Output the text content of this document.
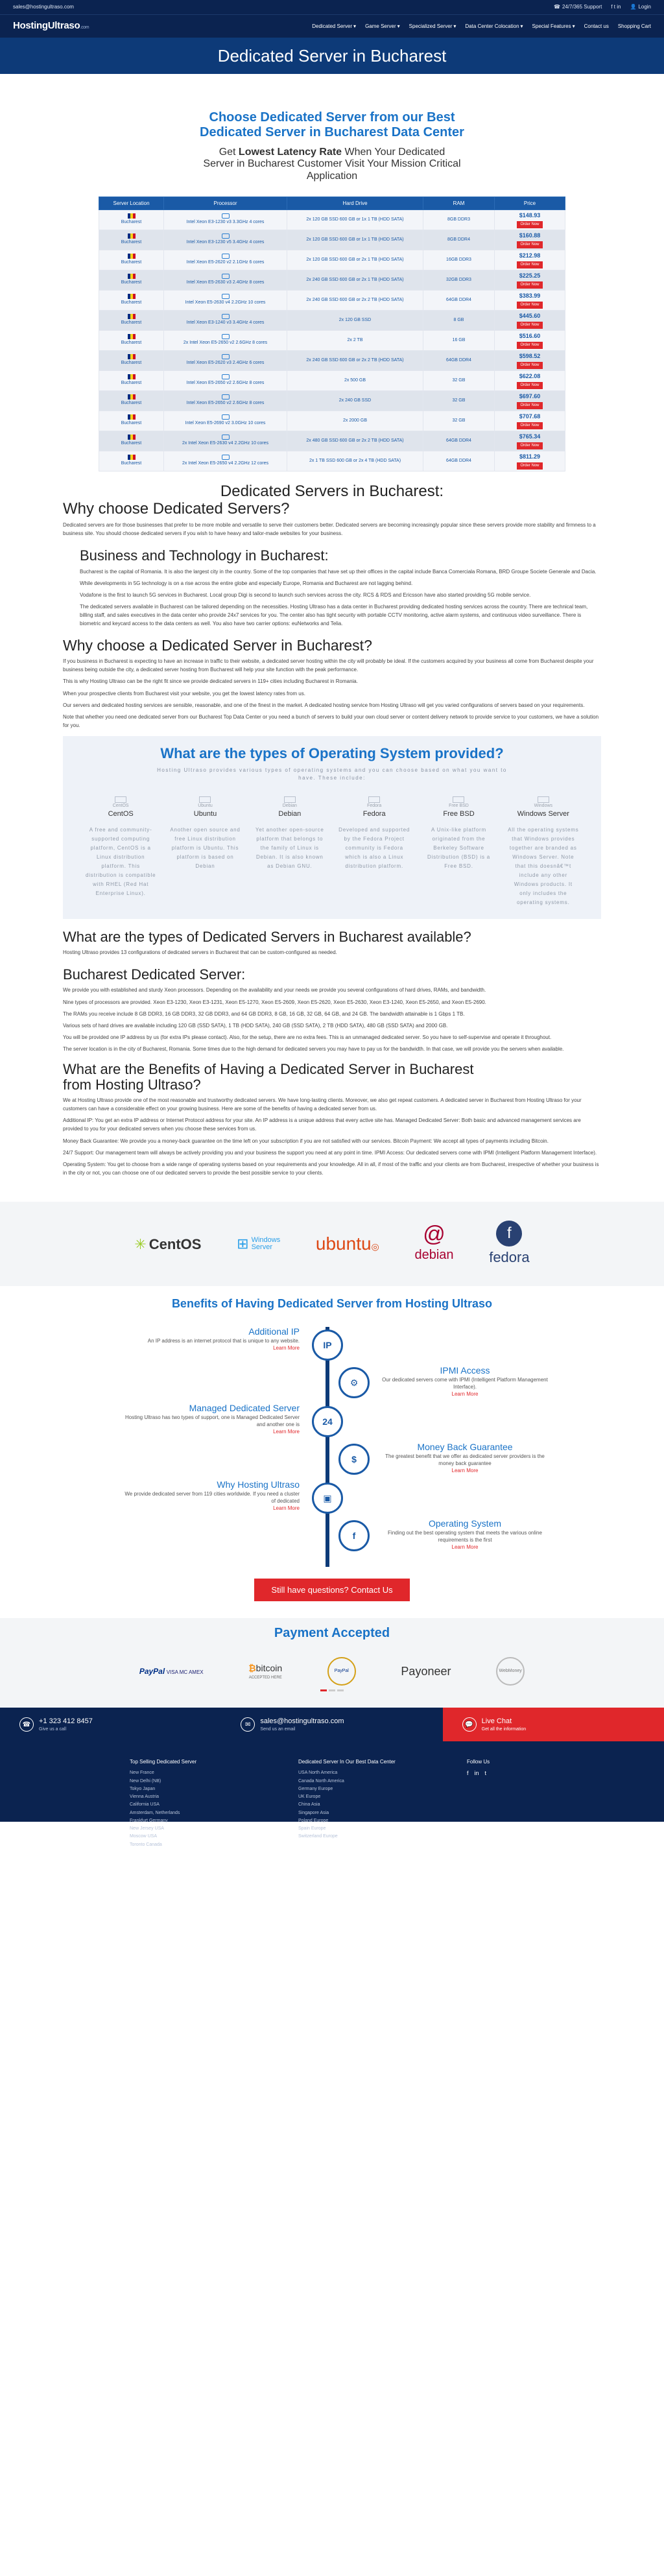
sales@hostingultraso.com	☎ 24/7/365 Support f t in 👤 Login
HostingUltraso.com	Dedicated Server ▾ Game Server ▾ Specialized Server ▾ Data Center Colocation ▾ Special Features ▾ Contact us Shopping Cart
Dedicated Server in Bucharest
Choose Dedicated Server from our Best Dedicated Server in Bucharest Data Center
Get Lowest Latency Rate When Your Dedicated Server in Bucharest Customer Visit Your Mission Critical Application
Server Location	Processor	Hard Drive	RAM	Price

Bucharest	Intel Xeon E3-1230 v3 3.3GHz 4 cores	2x 120 GB SSD 600 GB or 1x 1 TB (HDD SATA)	8GB DDR3	$148.93
Order Now

Bucharest	Intel Xeon E3-1230 v5 3.4GHz 4 cores	2x 120 GB SSD 600 GB or 1x 1 TB (HDD SATA)	8GB DDR4	$160.88
Order Now

Bucharest	Intel Xeon E5-2620 v2 2.1GHz 6 cores	2x 120 GB SSD 600 GB or 2x 1 TB (HDD SATA)	16GB DDR3	$212.98
Order Now

Bucharest	Intel Xeon E5-2630 v3 2.4GHz 8 cores	2x 240 GB SSD 600 GB or 2x 1 TB (HDD SATA)	32GB DDR3	$225.25
Order Now

Bucharest	Intel Xeon E5-2630 v4 2.2GHz 10 cores	2x 240 GB SSD 600 GB or 2x 2 TB (HDD SATA)	64GB DDR4	$383.99
Order Now

Bucharest	Intel Xeon E3-1240 v3 3.4GHz 4 cores	2x 120 GB SSD	8 GB	$445.60
Order Now

Bucharest	2x Intel Xeon E5-2650 v2 2.6GHz 8 cores	2x 2 TB	16 GB	$516.60
Order Now

Bucharest	Intel Xeon E5-2620 v3 2.4GHz 6 cores	2x 240 GB SSD 600 GB or 2x 2 TB (HDD SATA)	64GB DDR4	$598.52
Order Now

Bucharest	Intel Xeon E5-2650 v2 2.6GHz 8 cores	2x 500 GB	32 GB	$622.08
Order Now

Bucharest	Intel Xeon E5-2650 v2 2.6GHz 8 cores	2x 240 GB SSD	32 GB	$697.60
Order Now

Bucharest	Intel Xeon E5-2690 v2 3.0GHz 10 cores	2x 2000 GB	32 GB	$707.68
Order Now

Bucharest	2x Intel Xeon E5-2630 v4 2.2GHz 10 cores	2x 480 GB SSD 600 GB or 2x 2 TB (HDD SATA)	64GB DDR4	$765.34
Order Now

Bucharest	2x Intel Xeon E5-2650 v4 2.2GHz 12 cores	2x 1 TB SSD 600 GB or 2x 4 TB (HDD SATA)	64GB DDR4	$811.29
Order Now
Dedicated Servers in Bucharest:
Why choose Dedicated Servers?

Dedicated servers are for those businesses that prefer to be more mobile and versatile to serve their customers better. Dedicated servers are becoming increasingly popular since these servers provide more stability and firmness to a business site. You should choose dedicated servers if you wish to have heavy and tailor-made websites for your business.

Business and Technology in Bucharest:

Bucharest is the capital of Romania. It is also the largest city in the country. Some of the top companies that have set up their offices in the capital include Banca Comerciala Romana, BRD Groupe Societe Generale and Dacia.

While developments in 5G technology is on a rise across the entire globe and especially Europe, Romania and Bucharest are not lagging behind.

Vodafone is the first to launch 5G services in Bucharest. Local group Digi is second to launch such services across the city. RCS & RDS and Ericsson have also started providing 5G mobile service.

The dedicated servers available in Bucharest can be tailored depending on the necessities. Hosting Ultraso has a data center in Bucharest providing dedicated hosting services across the country. There are technical team, billing staff, and sales executives in the data center who provide 24x7 services for you. The center also has tight security with portable CCTV monitoring, active alarm systems, and continuous video surveillance. There is biometric and keycard access to the data centers as well. You also have two carrier options: euNetworks and Telia.

Why choose a Dedicated Server in Bucharest?

If you business in Bucharest is expecting to have an increase in traffic to their website, a dedicated server hosting within the city will probably be ideal. If the customers acquired by your business all come from Bucharest despite your business being outside the city, a dedicated server hosting from Bucharest will help your site function with the peak performance.

This is why Hosting Ultraso can be the right fit since we provide dedicated servers in 119+ cities including Bucharest in Romania.

When your prospective clients from Bucharest visit your website, you get the lowest latency rates from us.

Our servers and dedicated hosting services are sensible, reasonable, and one of the finest in the market. A dedicated hosting service from Hosting Ultraso will get you varied configurations of servers based on your requirements.

Note that whether you need one dedicated server from our Bucharest Top Data Center or you need a bunch of servers to build your own cloud server or content delivery network to provide service to your customers, we have a solution for you.

What are the types of Operating System provided?
Hosting Ultraso provides various types of operating systems and you can choose based on what you want to have. These include:
CentOS
CentOS
A free and community-supported computing platform, CentOS is a Linux distribution platform. This distribution is compatible with RHEL (Red Hat Enterprise Linux).
Ubuntu
Ubuntu
Another open source and free Linux distribution platform is Ubuntu. This platform is based on Debian
Debian
Debian
Yet another open-source platform that belongs to the family of Linux is Debian. It is also known as Debian GNU.
Fedora
Fedora
Developed and supported by the Fedora Project community is Fedora which is also a Linux distribution platform.
Free BSD
Free BSD
A Unix-like platform originated from the Berkeley Software Distribution (BSD) is a Free BSD.
Windows
Windows Server
All the operating systems that Windows provides together are branded as Windows Server. Note that this doesnâ€™t include any other Windows products. It only includes the operating systems.
What are the types of Dedicated Servers in Bucharest available?

Hosting Ultraso provides 13 configurations of dedicated servers in Bucharest that can be custom-configured as needed.

Bucharest Dedicated Server:

We provide you with established and sturdy Xeon processors. Depending on the availability and your needs we provide you several configurations of hard drives, RAMs, and bandwidth.

Nine types of processors are provided. Xeon E3-1230, Xeon E3-1231, Xeon E5-1270, Xeon E5-2609, Xeon E5-2620, Xeon E5-2630, Xeon E3-1240, Xeon E5-2650, and Xeon E5-2690.

The RAMs you receive include 8 GB DDR3, 16 GB DDR3, 32 GB DDR3, and 64 GB DDR3, 8 GB, 16 GB, 32 GB, 64 GB, and 24 GB. The bandwidth attainable is 1 Gbps 1 TB.

Various sets of hard drives are available including 120 GB (SSD SATA), 1 TB (HDD SATA), 240 GB (SSD SATA), 2 TB (HDD SATA), 480 GB (SSD SATA) and 2000 GB.

You will be provided one IP address by us (for extra IPs please contact). Also, for the setup, there are no extra fees. This is an unmanaged dedicated server. So you have to self-supervise and operate it throughout.

The server location is in the city of Bucharest, Romania. Some times due to the high demand for dedicated servers you may have to pay us for the bandwidth. In that case, we will provide you the servers when available.

What are the Benefits of Having a Dedicated Server in Bucharest from Hosting Ultraso?

We at Hosting Ultraso provide one of the most reasonable and trustworthy dedicated servers. We have long-lasting clients. Moreover, we also get repeat customers. A dedicated server in Bucharest from Hosting Ultraso for your customers can have a considerable effect on your growing business. Here are some of the benefits of having a dedicated server from us.

Additional IP: You get an extra IP address or Internet Protocol address for your site. An IP address is a unique address that every active site has. Managed Dedicated Server: Both basic and advanced management services are provided to you for your dedicated servers when you choose these services from us.

Money Back Guarantee: We provide you a money-back guarantee on the time left on your subscription if you are not satisfied with our services. Bitcoin Payment: We accept all types of payments including Bitcoin.

24/7 Support: Our management team will always be actively providing you and your business the support you need at any point in time. IPMI Access: Our dedicated servers come with IPMI (Intelligent Platform Management Interface).

Operating System: You get to choose from a wide range of operating systems based on your requirements and your knowledge. All in all, if most of the traffic and your clients are from Bucharest, irrespective of whether your business is in the city or not, you can choose one of our dedicated servers to provide the best possible service to your clients.

✳ CentOS ⊞ Windows
Server	ubuntu◎ @
debian
f
fedora
Benefits of Having Dedicated Server from Hosting Ultraso
Additional IP

An IP address is an internet protocol that is unique to any website.

Learn More	IP
Managed Dedicated Server

Hosting Ultraso has two types of support, one is Managed Dedicated Server and another one is

Learn More
24
Why Hosting Ultraso

We provide dedicated server from 119 cities worldwide. If you need a cluster of dedicated

Learn More
▣
IPMI Access

Our dedicated servers come with IPMI (Intelligent Platform Management Interface).

Learn More
⚙
Money Back Guarantee

The greatest benefit that we offer as dedicated server providers is the money back guarantee

Learn More
$
Operating System

Finding out the best operating system that meets the various online requirements is the first

Learn More
f
Still have questions? Contact Us
Payment Accepted
PayPal VISA MC AMEX	₿bitcoin
ACCEPTED HERE
PayPal	Payoneer	WebMoney
☎	+1 323 412 8457
Give us a call
✉	sales@hostingultraso.com
Send us an email
💬	Live Chat
Get all the information
Top Selling Dedicated Server
New France
New Delhi (NB)
Tokyo Japan
Vienna Austria
California USA
Amsterdam, Netherlands
Frankfurt Germany
New Jersey USA
Moscow USA
Toronto Canada
Dedicated Server In Our Best Data Center
USA North America
Canada North America
Germany Europe
UK Europe
China Asia
Singapore Asia
Poland Europe
Spain Europe
Switzerland Europe
Follow Us
f in t
